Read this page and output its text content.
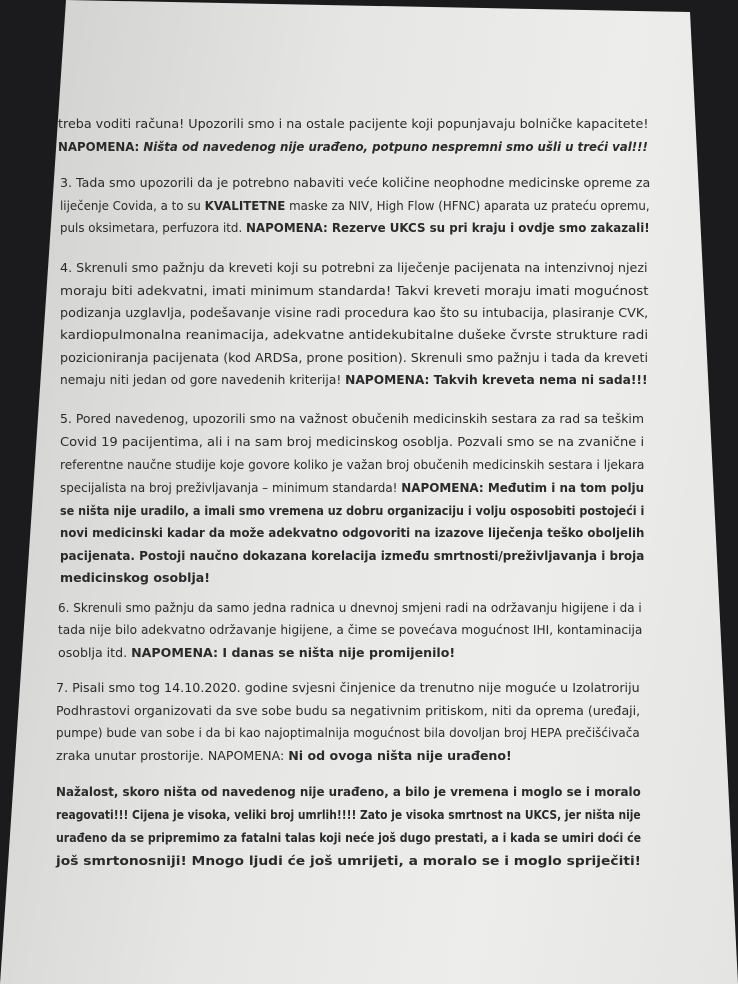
treba voditi računa! Upozorili smo i na ostale pacijente koji popunjavaju bolničke kapacitete!
NAPOMENA: Ništa od navedenog nije urađeno, potpuno nespremni smo ušli u treći val!!!
3. Tada smo upozorili da je potrebno nabaviti veće količine neophodne medicinske opreme za
liječenje Covida, a to su KVALITETNE maske za NIV, High Flow (HFNC) aparata uz prateću opremu,
puls oksimetara, perfuzora itd. NAPOMENA: Rezerve UKCS su pri kraju i ovdje smo zakazali!
4. Skrenuli smo pažnju da kreveti koji su potrebni za liječenje pacijenata na intenzivnoj njezi
moraju biti adekvatni, imati minimum standarda! Takvi kreveti moraju imati mogućnost
podizanja uzglavlja, podešavanje visine radi procedura kao što su intubacija, plasiranje CVK,
kardiopulmonalna reanimacija, adekvatne antidekubitalne dušeke čvrste strukture radi
pozicioniranja pacijenata (kod ARDSa, prone position). Skrenuli smo pažnju i tada da kreveti
nemaju niti jedan od gore navedenih kriterija! NAPOMENA: Takvih kreveta nema ni sada!!!
5. Pored navedenog, upozorili smo na važnost obučenih medicinskih sestara za rad sa teškim
Covid 19 pacijentima, ali i na sam broj medicinskog osoblja. Pozvali smo se na zvanične i
referentne naučne studije koje govore koliko je važan broj obučenih medicinskih sestara i ljekara
specijalista na broj preživljavanja – minimum standarda! NAPOMENA: Međutim i na tom polju
se ništa nije uradilo, a imali smo vremena uz dobru organizaciju i volju osposobiti postojeći i
novi medicinski kadar da može adekvatno odgovoriti na izazove liječenja teško oboljelih
pacijenata. Postoji naučno dokazana korelacija između smrtnosti/preživljavanja i broja
medicinskog osoblja!
6. Skrenuli smo pažnju da samo jedna radnica u dnevnoj smjeni radi na održavanju higijene i da i
tada nije bilo adekvatno održavanje higijene, a čime se povećava mogućnost IHI, kontaminacija
osoblja itd. NAPOMENA: I danas se ništa nije promijenilo!
7. Pisali smo tog 14.10.2020. godine svjesni činjenice da trenutno nije moguće u Izolatroriju
Podhrastovi organizovati da sve sobe budu sa negativnim pritiskom, niti da oprema (uređaji,
pumpe) bude van sobe i da bi kao najoptimalnija mogućnost bila dovoljan broj HEPA prečišćivača
zraka unutar prostorije. NAPOMENA: Ni od ovoga ništa nije urađeno!
Nažalost, skoro ništa od navedenog nije urađeno, a bilo je vremena i moglo se i moralo
reagovati!!! Cijena je visoka, veliki broj umrlih!!!! Zato je visoka smrtnost na UKCS, jer ništa nije
urađeno da se pripremimo za fatalni talas koji neće još dugo prestati, a i kada se umiri doći će
još smrtonosniji! Mnogo ljudi će još umrijeti, a moralo se i moglo spriječiti!
